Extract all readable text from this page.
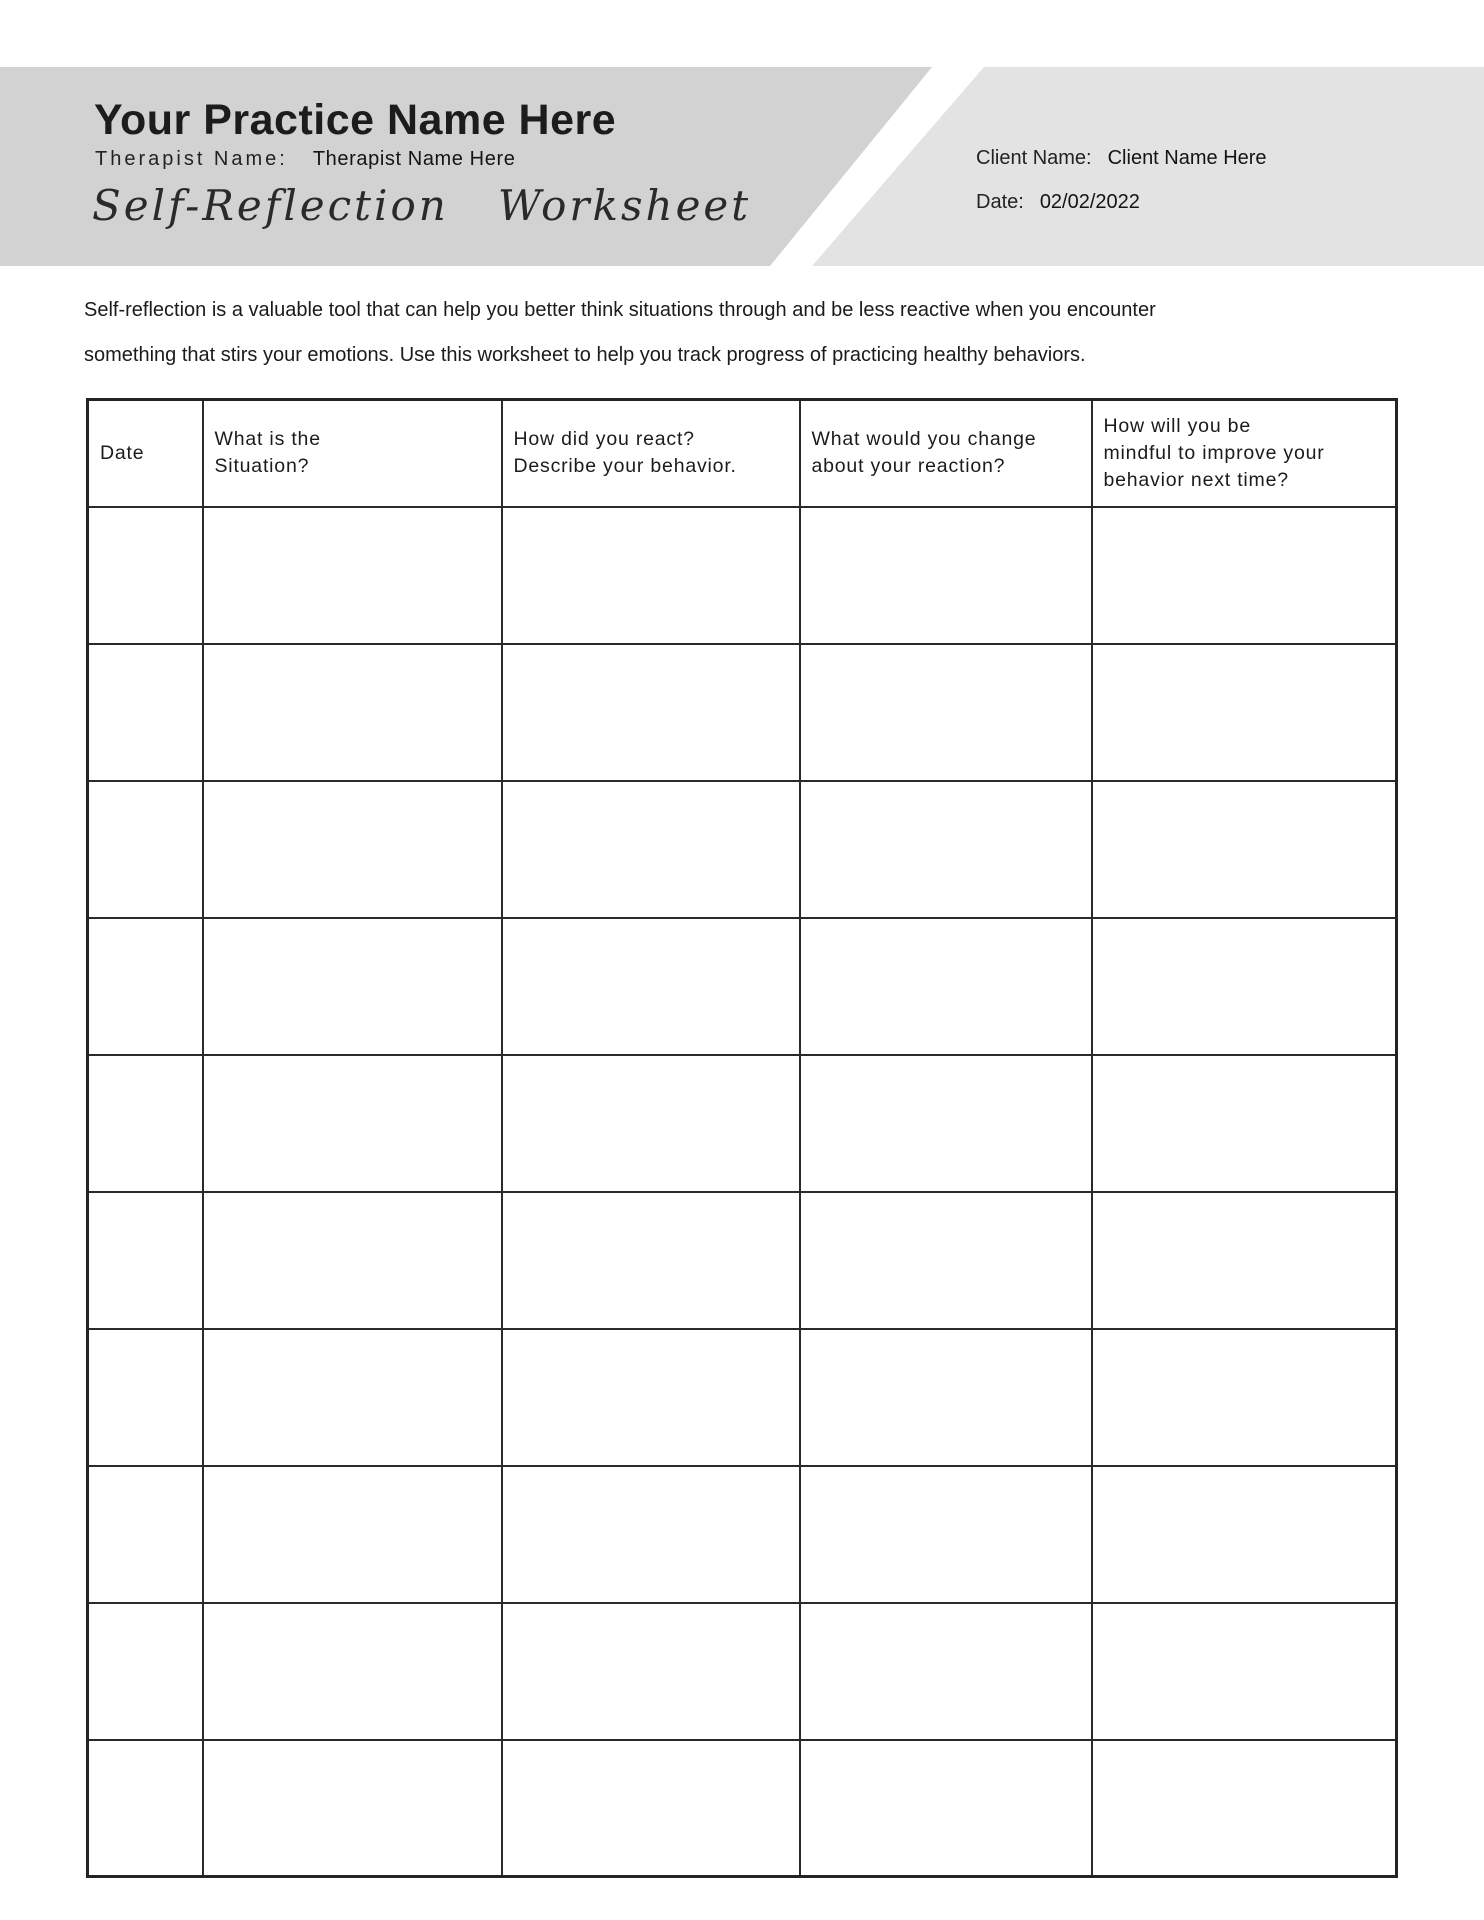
Your Practice Name Here
Therapist Name: Therapist Name Here
Self-Reflection   Worksheet
Client Name: Client Name Here
Date: 02/02/2022
Self-reflection is a valuable tool that can help you better think situations through and be less reactive when you encounter
something that stirs your emotions. Use this worksheet to help you track progress of practicing healthy behaviors.
Date

What is the
Situation?

How did you react?
Describe your behavior.

What would you change
about your reaction?

How will you be
mindful to improve your
behavior next time?
